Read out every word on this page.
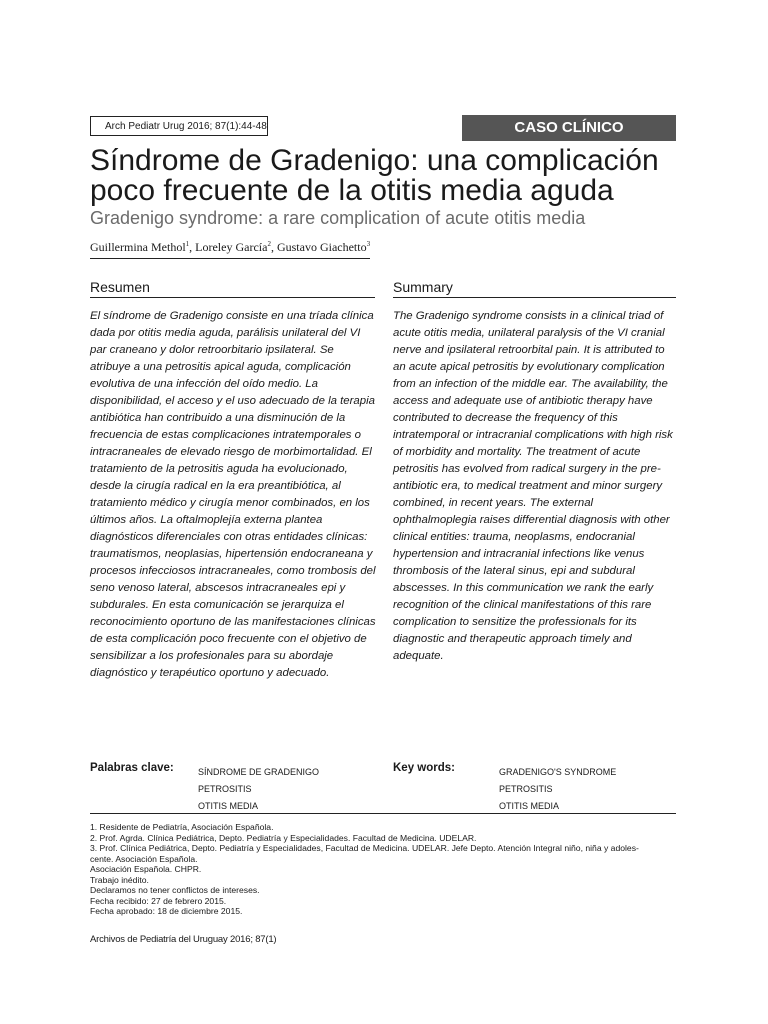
Arch Pediatr Urug 2016; 87(1):44-48	CASO CLÍNICO
Síndrome de Gradenigo: una complicación poco frecuente de la otitis media aguda
Gradenigo syndrome: a rare complication of acute otitis media
Guillermina Methol$^1$, Loreley García$^2$, Gustavo Giachetto$^3$
Resumen	Summary
El síndrome de Gradenigo consiste en una tríada clínica dada por otitis media aguda, parálisis unilateral del VI par craneano y dolor retroorbitario ipsilateral. Se atribuye a una petrositis apical aguda, complicación evolutiva de una infección del oído medio. La disponibilidad, el acceso y el uso adecuado de la terapia antibiótica han contribuido a una disminución de la frecuencia de estas complicaciones intratemporales o intracraneales de elevado riesgo de morbimortalidad. El tratamiento de la petrositis aguda ha evolucionado, desde la cirugía radical en la era preantibiótica, al tratamiento médico y cirugía menor combinados, en los últimos años. La oftalmoplejía externa plantea diagnósticos diferenciales con otras entidades clínicas: traumatismos, neoplasias, hipertensión endocraneana y procesos infecciosos intracraneales, como trombosis del seno venoso lateral, abscesos intracraneales epi y subdurales. En esta comunicación se jerarquiza el reconocimiento oportuno de las manifestaciones clínicas de esta complicación poco frecuente con el objetivo de sensibilizar a los profesionales para su abordaje diagnóstico y terapéutico oportuno y adecuado.
The Gradenigo syndrome consists in a clinical triad of acute otitis media, unilateral paralysis of the VI cranial nerve and ipsilateral retroorbital pain. It is attributed to an acute apical petrositis by evolutionary complication from an infection of the middle ear. The availability, the access and adequate use of antibiotic therapy have contributed to decrease the frequency of this intratemporal or intracranial complications with high risk of morbidity and mortality. The treatment of acute petrositis has evolved from radical surgery in the pre-antibiotic era, to medical treatment and minor surgery combined, in recent years. The external ophthalmoplegia raises differential diagnosis with other clinical entities: trauma, neoplasms, endocranial hypertension and intracranial infections like venus thrombosis of the lateral sinus, epi and subdural abscesses. In this communication we rank the early recognition of the clinical manifestations of this rare complication to sensitize the professionals for its diagnostic and therapeutic approach timely and adequate.
Palabras clave:	SÍNDROME DE GRADENIGO
PETROSITIS
OTITIS MEDIA
Key words:	GRADENIGO'S SYNDROME
PETROSITIS
OTITIS MEDIA
1. Residente de Pediatría, Asociación Española.
2. Prof. Agrda. Clínica Pediátrica, Depto. Pediatría y Especialidades. Facultad de Medicina. UDELAR.
3. Prof. Clínica Pediátrica, Depto. Pediatría y Especialidades, Facultad de Medicina. UDELAR. Jefe Depto. Atención Integral niño, niña y adoles-
cente. Asociación Española.
Asociación Española. CHPR.
Trabajo inédito.
Declaramos no tener conflictos de intereses.
Fecha recibido: 27 de febrero 2015.
Fecha aprobado: 18 de diciembre 2015.
Archivos de Pediatría del Uruguay 2016; 87(1)
